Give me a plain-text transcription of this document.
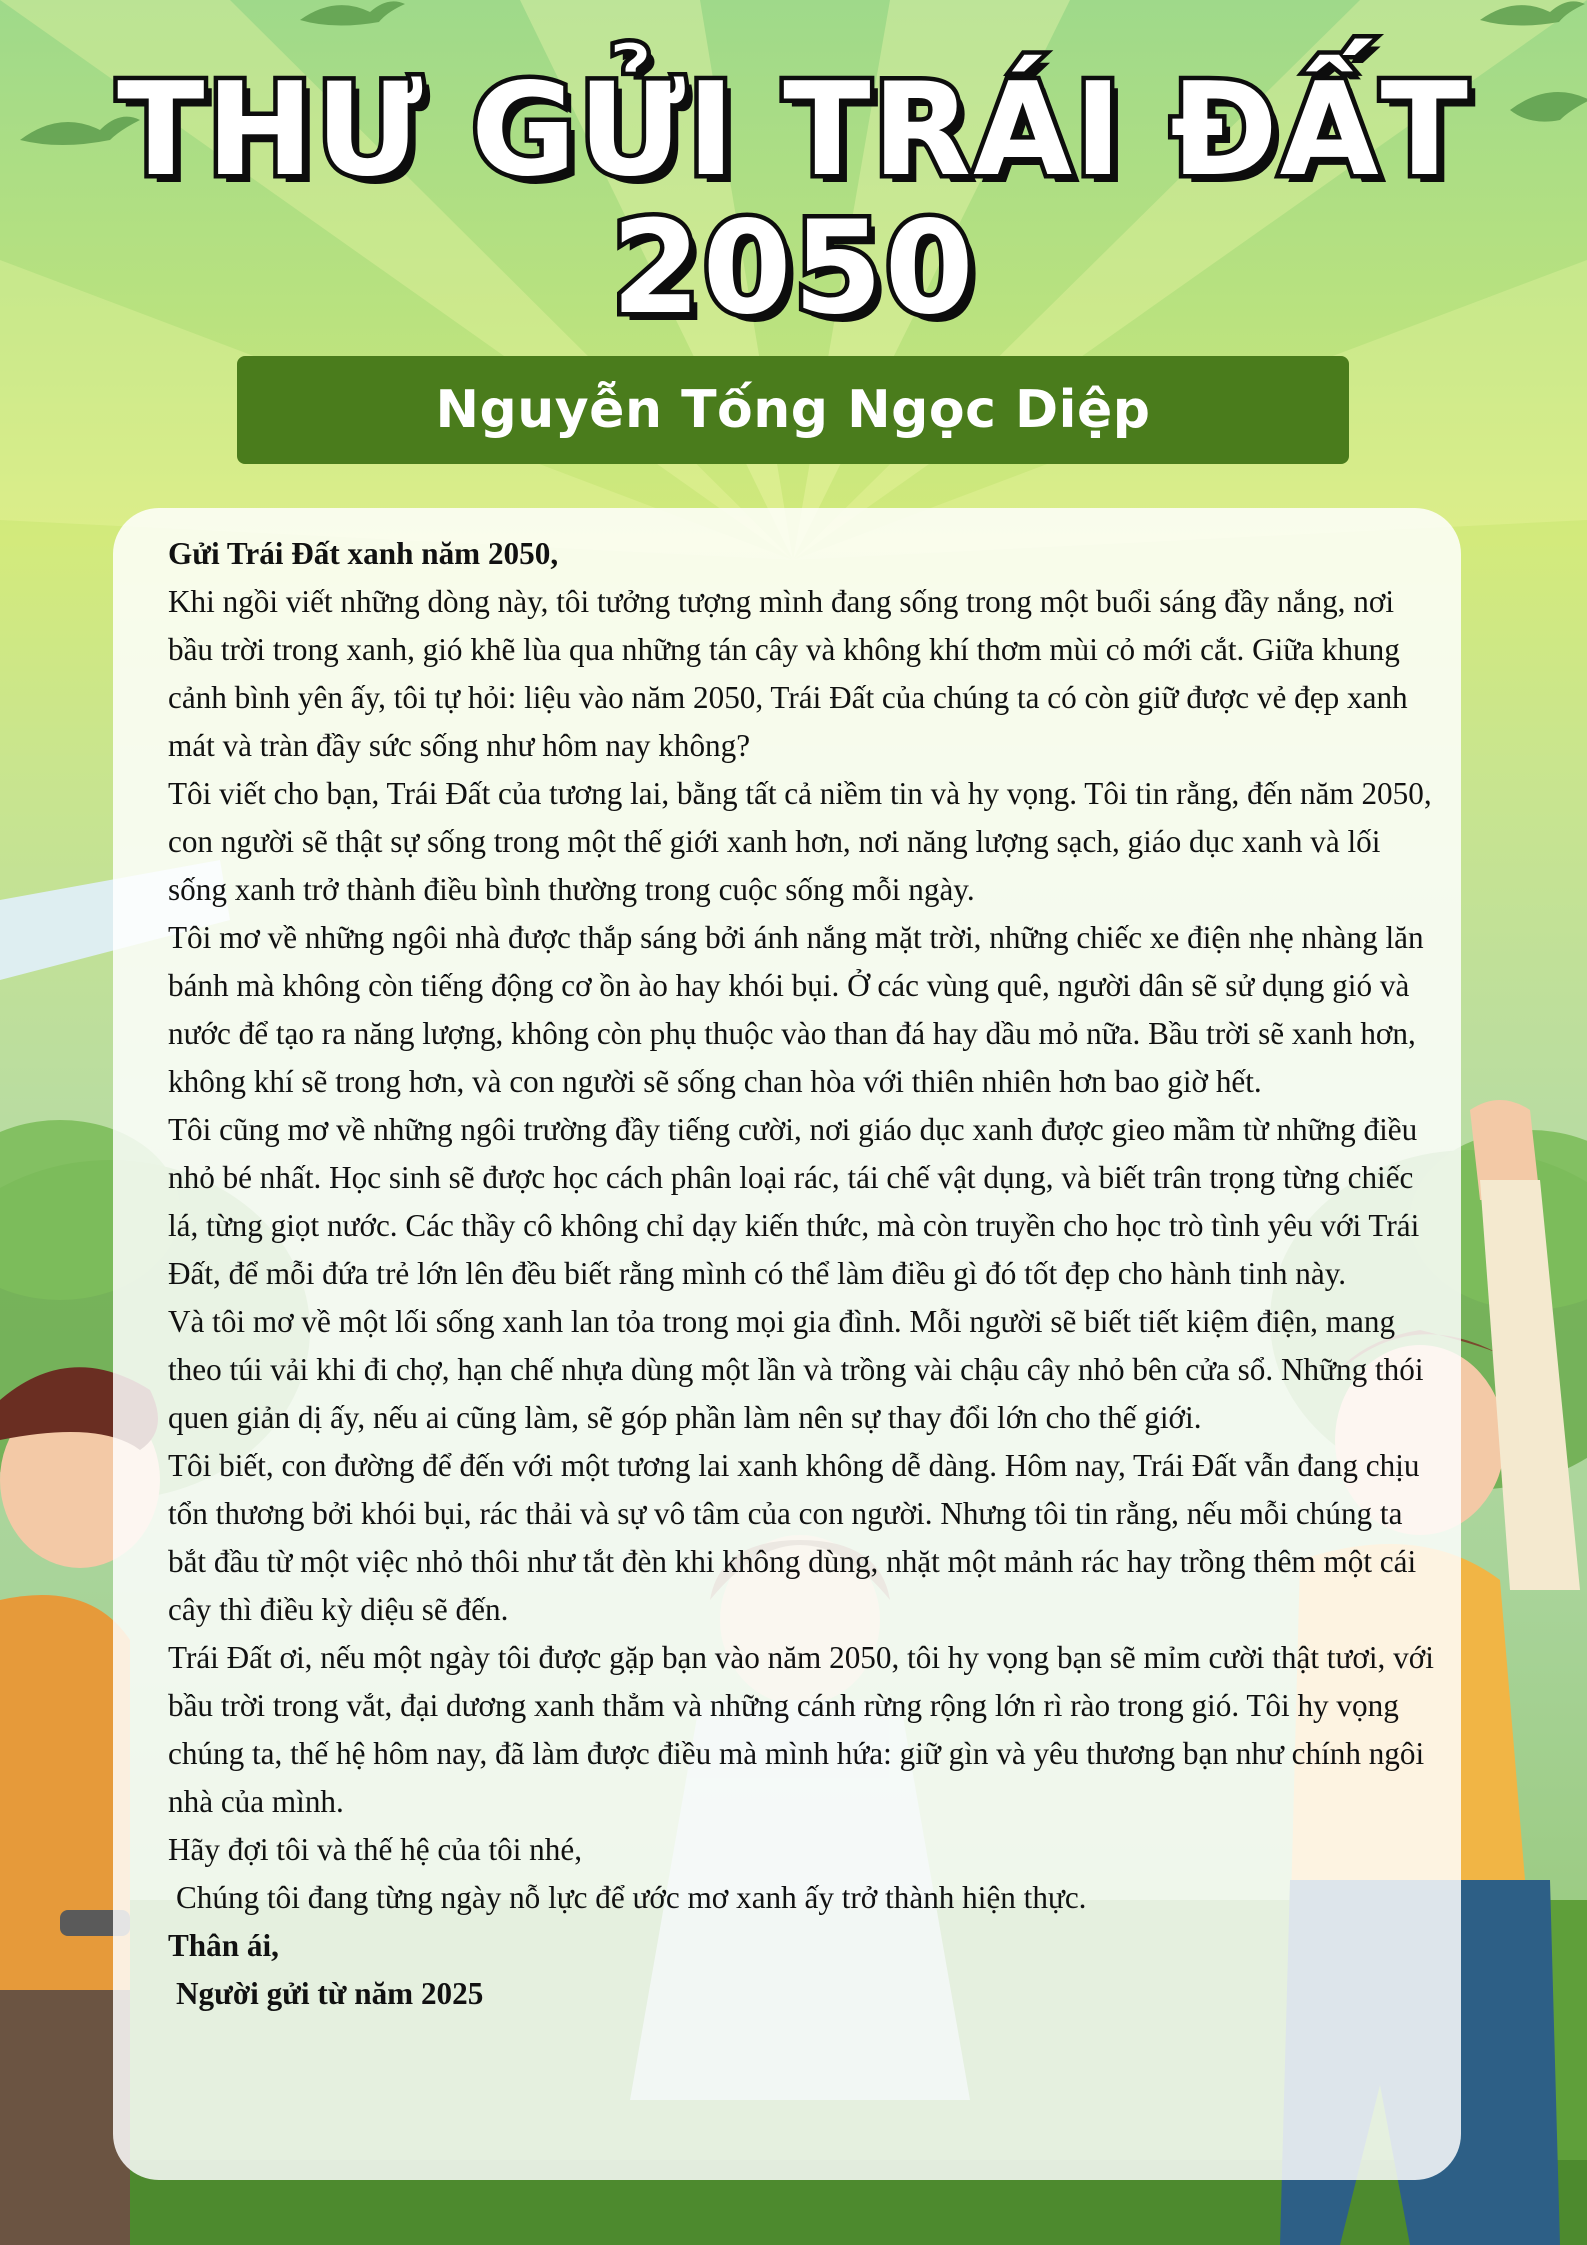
THƯ GỬI TRÁI ĐẤT
2050
Nguyễn Tống Ngọc Diệp

Gửi Trái Đất xanh năm 2050,

Khi ngồi viết những dòng này, tôi tưởng tượng mình đang sống trong một buổi sáng đầy nắng, nơi bầu trời trong xanh, gió khẽ lùa qua những tán cây và không khí thơm mùi cỏ mới cắt. Giữa khung cảnh bình yên ấy, tôi tự hỏi: liệu vào năm 2050, Trái Đất của chúng ta có còn giữ được vẻ đẹp xanh mát và tràn đầy sức sống như hôm nay không?

Tôi viết cho bạn, Trái Đất của tương lai, bằng tất cả niềm tin và hy vọng. Tôi tin rằng, đến năm 2050, con người sẽ thật sự sống trong một thế giới xanh hơn, nơi năng lượng sạch, giáo dục xanh và lối sống xanh trở thành điều bình thường trong cuộc sống mỗi ngày.

Tôi mơ về những ngôi nhà được thắp sáng bởi ánh nắng mặt trời, những chiếc xe điện nhẹ nhàng lăn bánh mà không còn tiếng động cơ ồn ào hay khói bụi. Ở các vùng quê, người dân sẽ sử dụng gió và nước để tạo ra năng lượng, không còn phụ thuộc vào than đá hay dầu mỏ nữa. Bầu trời sẽ xanh hơn, không khí sẽ trong hơn, và con người sẽ sống chan hòa với thiên nhiên hơn bao giờ hết.

Tôi cũng mơ về những ngôi trường đầy tiếng cười, nơi giáo dục xanh được gieo mầm từ những điều nhỏ bé nhất. Học sinh sẽ được học cách phân loại rác, tái chế vật dụng, và biết trân trọng từng chiếc lá, từng giọt nước. Các thầy cô không chỉ dạy kiến thức, mà còn truyền cho học trò tình yêu với Trái Đất, để mỗi đứa trẻ lớn lên đều biết rằng mình có thể làm điều gì đó tốt đẹp cho hành tinh này.

Và tôi mơ về một lối sống xanh lan tỏa trong mọi gia đình. Mỗi người sẽ biết tiết kiệm điện, mang theo túi vải khi đi chợ, hạn chế nhựa dùng một lần và trồng vài chậu cây nhỏ bên cửa sổ. Những thói quen giản dị ấy, nếu ai cũng làm, sẽ góp phần làm nên sự thay đổi lớn cho thế giới.

Tôi biết, con đường để đến với một tương lai xanh không dễ dàng. Hôm nay, Trái Đất vẫn đang chịu tổn thương bởi khói bụi, rác thải và sự vô tâm của con người. Nhưng tôi tin rằng, nếu mỗi chúng ta bắt đầu từ một việc nhỏ thôi như tắt đèn khi không dùng, nhặt một mảnh rác hay trồng thêm một cái cây thì điều kỳ diệu sẽ đến.

Trái Đất ơi, nếu một ngày tôi được gặp bạn vào năm 2050, tôi hy vọng bạn sẽ mỉm cười thật tươi, với bầu trời trong vắt, đại dương xanh thẳm và những cánh rừng rộng lớn rì rào trong gió. Tôi hy vọng chúng ta, thế hệ hôm nay, đã làm được điều mà mình hứa: giữ gìn và yêu thương bạn như chính ngôi nhà của mình.

Hãy đợi tôi và thế hệ của tôi nhé,

Chúng tôi đang từng ngày nỗ lực để ước mơ xanh ấy trở thành hiện thực.

Thân ái,

Người gửi từ năm 2025
